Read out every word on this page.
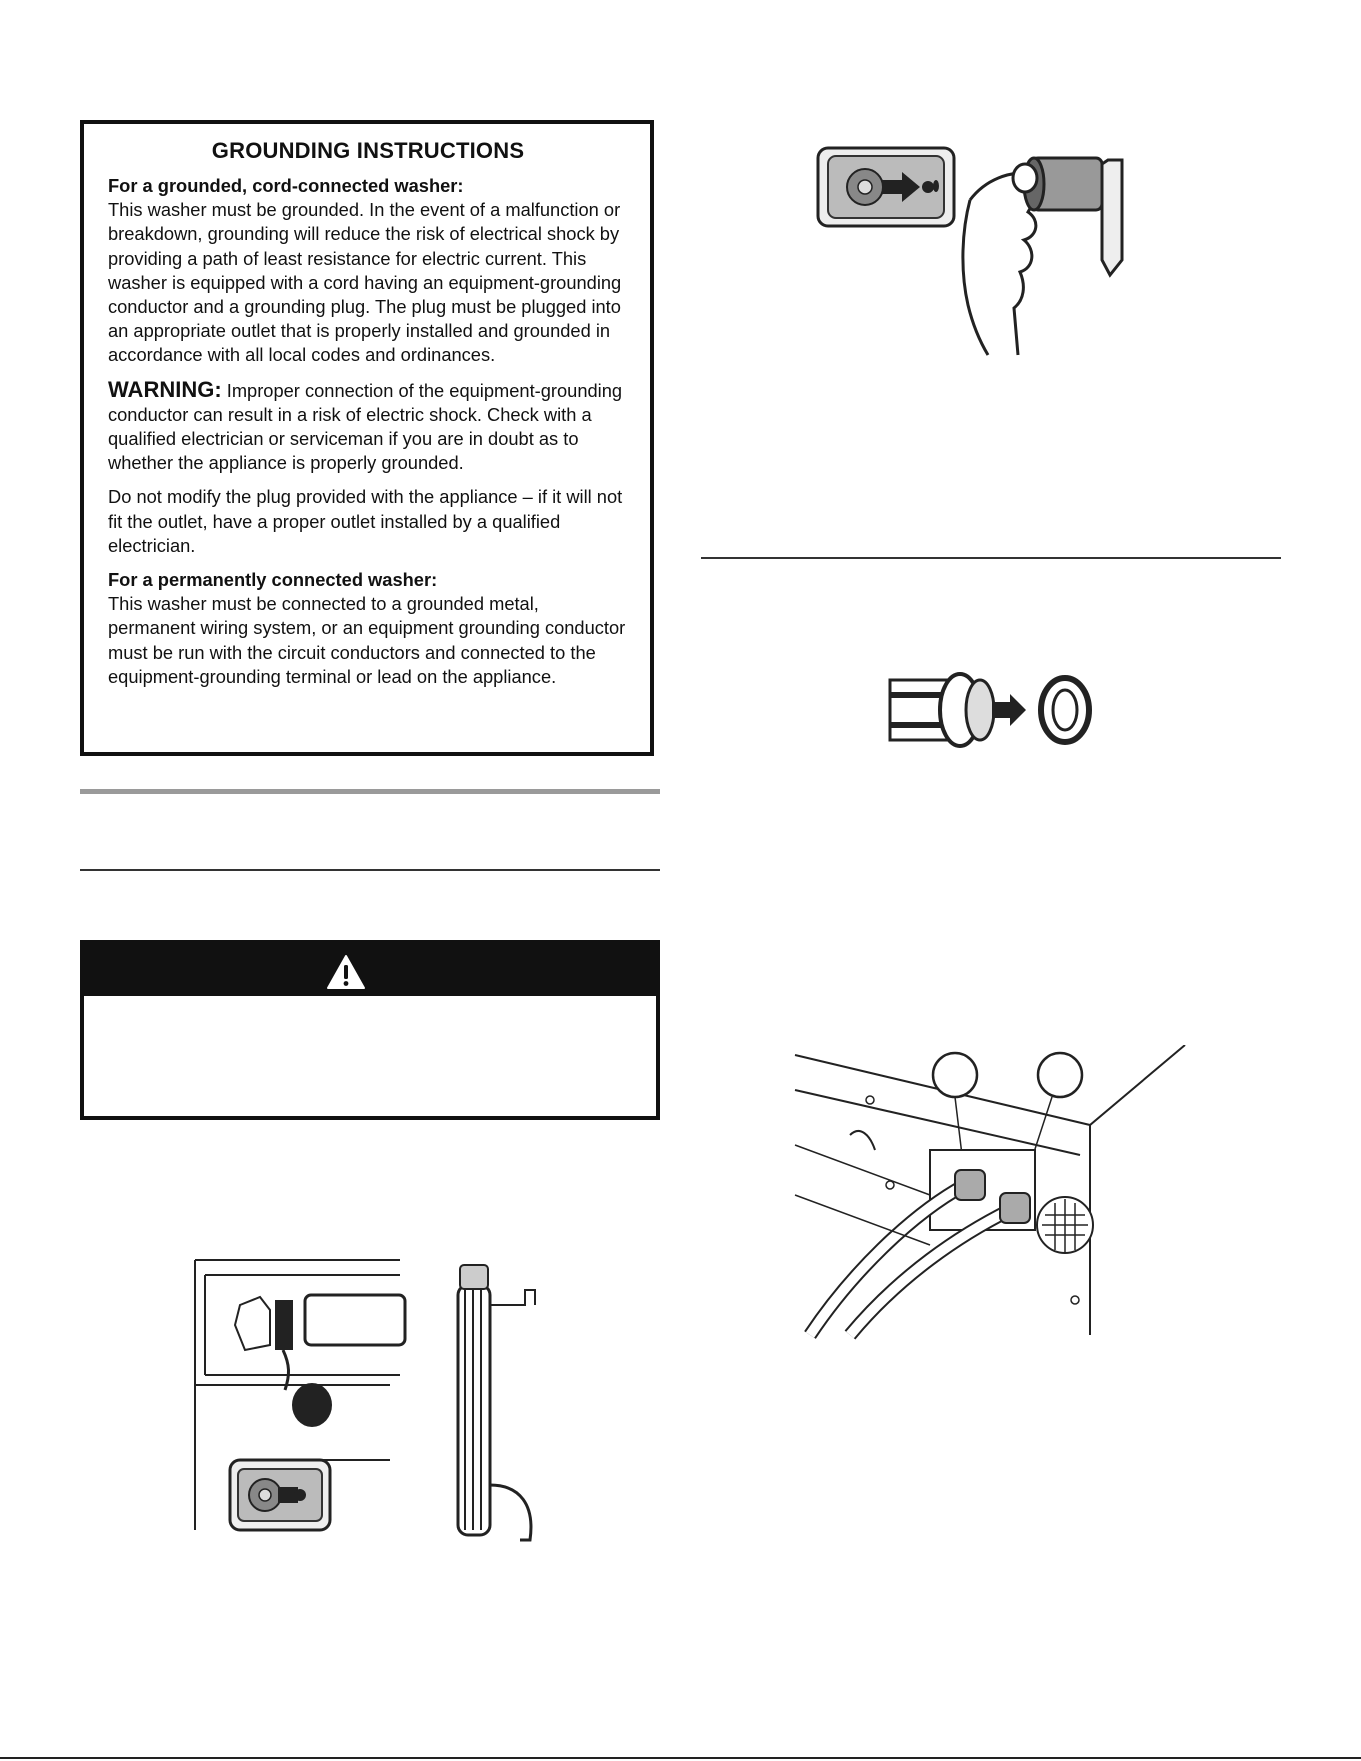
GROUNDING INSTRUCTIONS

For a grounded, cord-connected washer:
This washer must be grounded. In the event of a malfunction or breakdown, grounding will reduce the risk of electrical shock by providing a path of least resistance for electric current. This washer is equipped with a cord having an equipment-grounding conductor and a grounding plug. The plug must be plugged into an appropriate outlet that is properly installed and grounded in accordance with all local codes and ordinances.

WARNING: Improper connection of the equipment-grounding conductor can result in a risk of electric shock. Check with a qualified electrician or serviceman if you are in doubt as to whether the appliance is properly grounded.

Do not modify the plug provided with the appliance – if it will not fit the outlet, have a proper outlet installed by a qualified electrician.

For a permanently connected washer:
This washer must be connected to a grounded metal, permanent wiring system, or an equipment grounding conductor must be run with the circuit conductors and connected to the equipment-grounding terminal or lead on the appliance.
